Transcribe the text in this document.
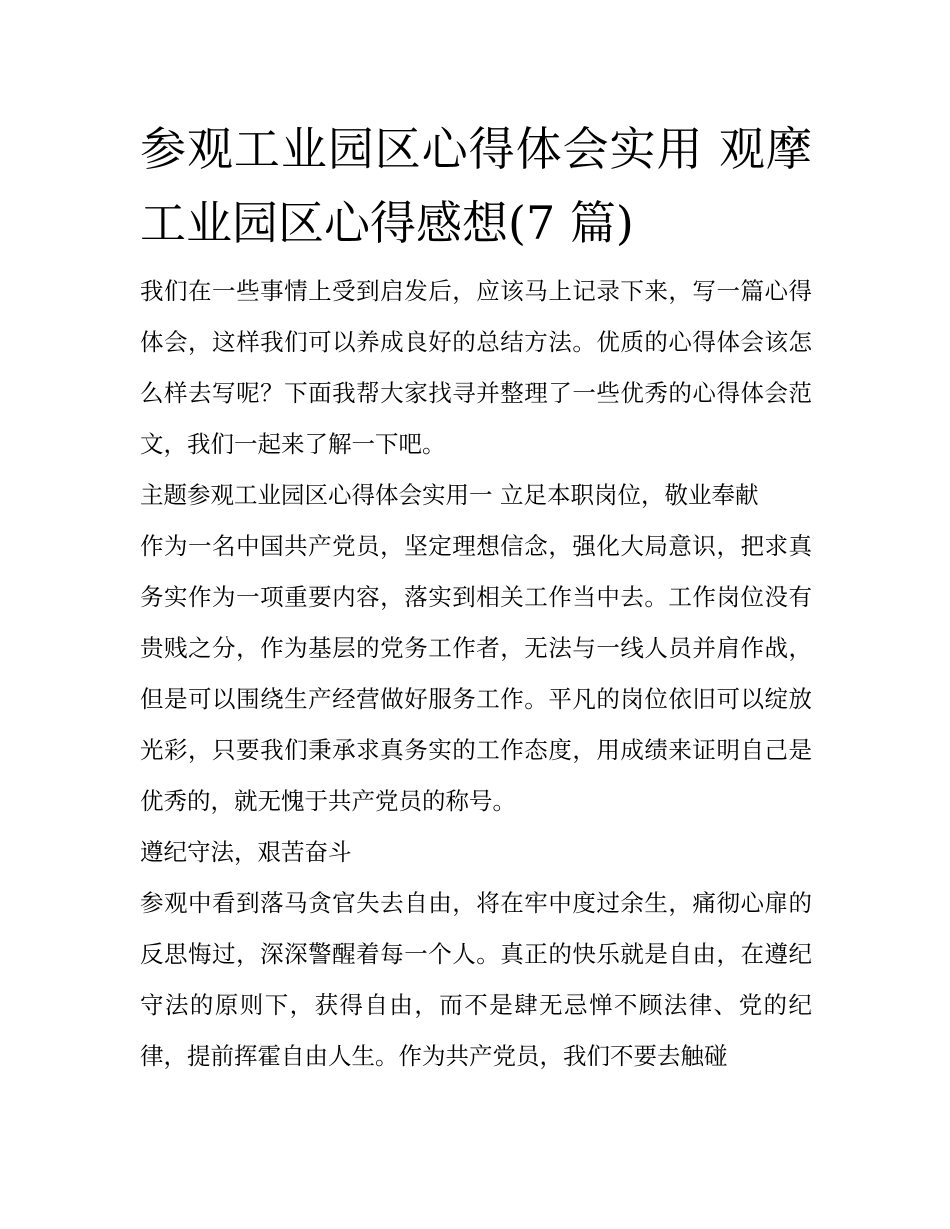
参观工业园区心得体会实用 观摩工业园区心得感想(7 篇)

我们在一些事情上受到启发后，应该马上记录下来，写一篇心得体会，这样我们可以养成良好的总结方法。优质的心得体会该怎么样去写呢？下面我帮大家找寻并整理了一些优秀的心得体会范文，我们一起来了解一下吧。

主题参观工业园区心得体会实用一 立足本职岗位，敬业奉献

作为一名中国共产党员，坚定理想信念，强化大局意识，把求真务实作为一项重要内容，落实到相关工作当中去。工作岗位没有贵贱之分，作为基层的党务工作者，无法与一线人员并肩作战，但是可以围绕生产经营做好服务工作。平凡的岗位依旧可以绽放光彩，只要我们秉承求真务实的工作态度，用成绩来证明自己是优秀的，就无愧于共产党员的称号。

遵纪守法，艰苦奋斗

参观中看到落马贪官失去自由，将在牢中度过余生，痛彻心扉的反思悔过，深深警醒着每一个人。真正的快乐就是自由，在遵纪守法的原则下，获得自由，而不是肆无忌惮不顾法律、党的纪律，提前挥霍自由人生。作为共产党员，我们不要去触碰
